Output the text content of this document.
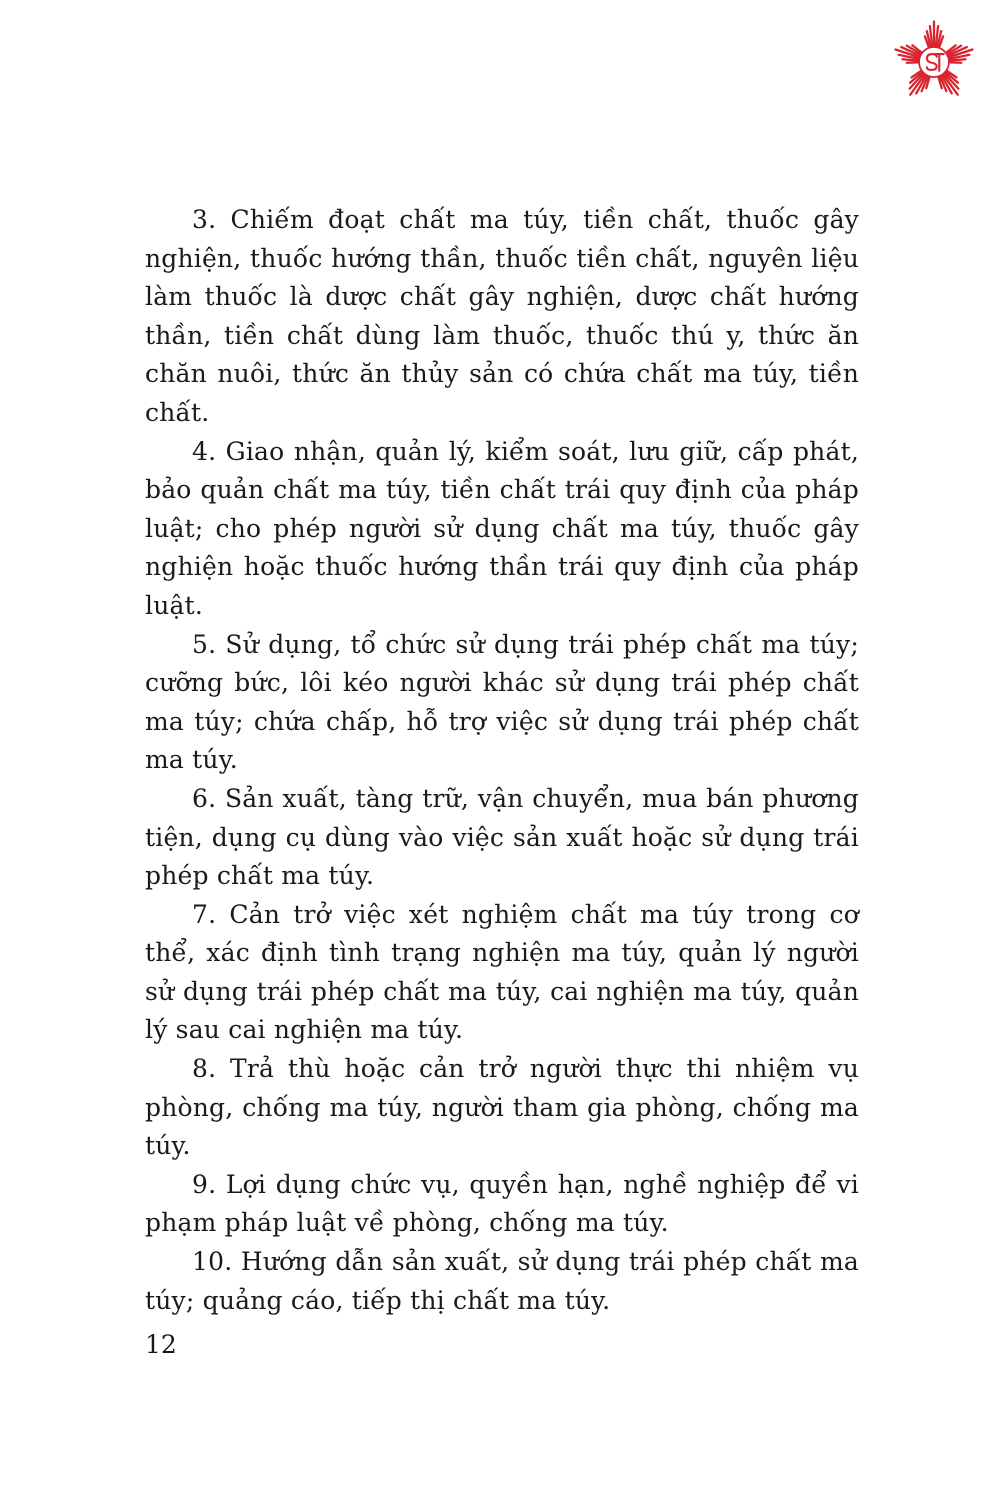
3. Chiếm đoạt chất ma túy, tiền chất, thuốc gây nghiện, thuốc hướng thần, thuốc tiền chất, nguyên liệu làm thuốc là dược chất gây nghiện, dược chất hướng thần, tiền chất dùng làm thuốc, thuốc thú y, thức ăn chăn nuôi, thức ăn thủy sản có chứa chất ma túy, tiền chất.

4. Giao nhận, quản lý, kiểm soát, lưu giữ, cấp phát, bảo quản chất ma túy, tiền chất trái quy định của pháp luật; cho phép người sử dụng chất ma túy, thuốc gây nghiện hoặc thuốc hướng thần trái quy định của pháp luật.

5. Sử dụng, tổ chức sử dụng trái phép chất ma túy; cưỡng bức, lôi kéo người khác sử dụng trái phép chất ma túy; chứa chấp, hỗ trợ việc sử dụng trái phép chất ma túy.

6. Sản xuất, tàng trữ, vận chuyển, mua bán phương tiện, dụng cụ dùng vào việc sản xuất hoặc sử dụng trái phép chất ma túy.

7. Cản trở việc xét nghiệm chất ma túy trong cơ thể, xác định tình trạng nghiện ma túy, quản lý người sử dụng trái phép chất ma túy, cai nghiện ma túy, quản lý sau cai nghiện ma túy.

8. Trả thù hoặc cản trở người thực thi nhiệm vụ phòng, chống ma túy, người tham gia phòng, chống ma túy.

9. Lợi dụng chức vụ, quyền hạn, nghề nghiệp để vi phạm pháp luật về phòng, chống ma túy.

10. Hướng dẫn sản xuất, sử dụng trái phép chất ma túy; quảng cáo, tiếp thị chất ma túy.

12
